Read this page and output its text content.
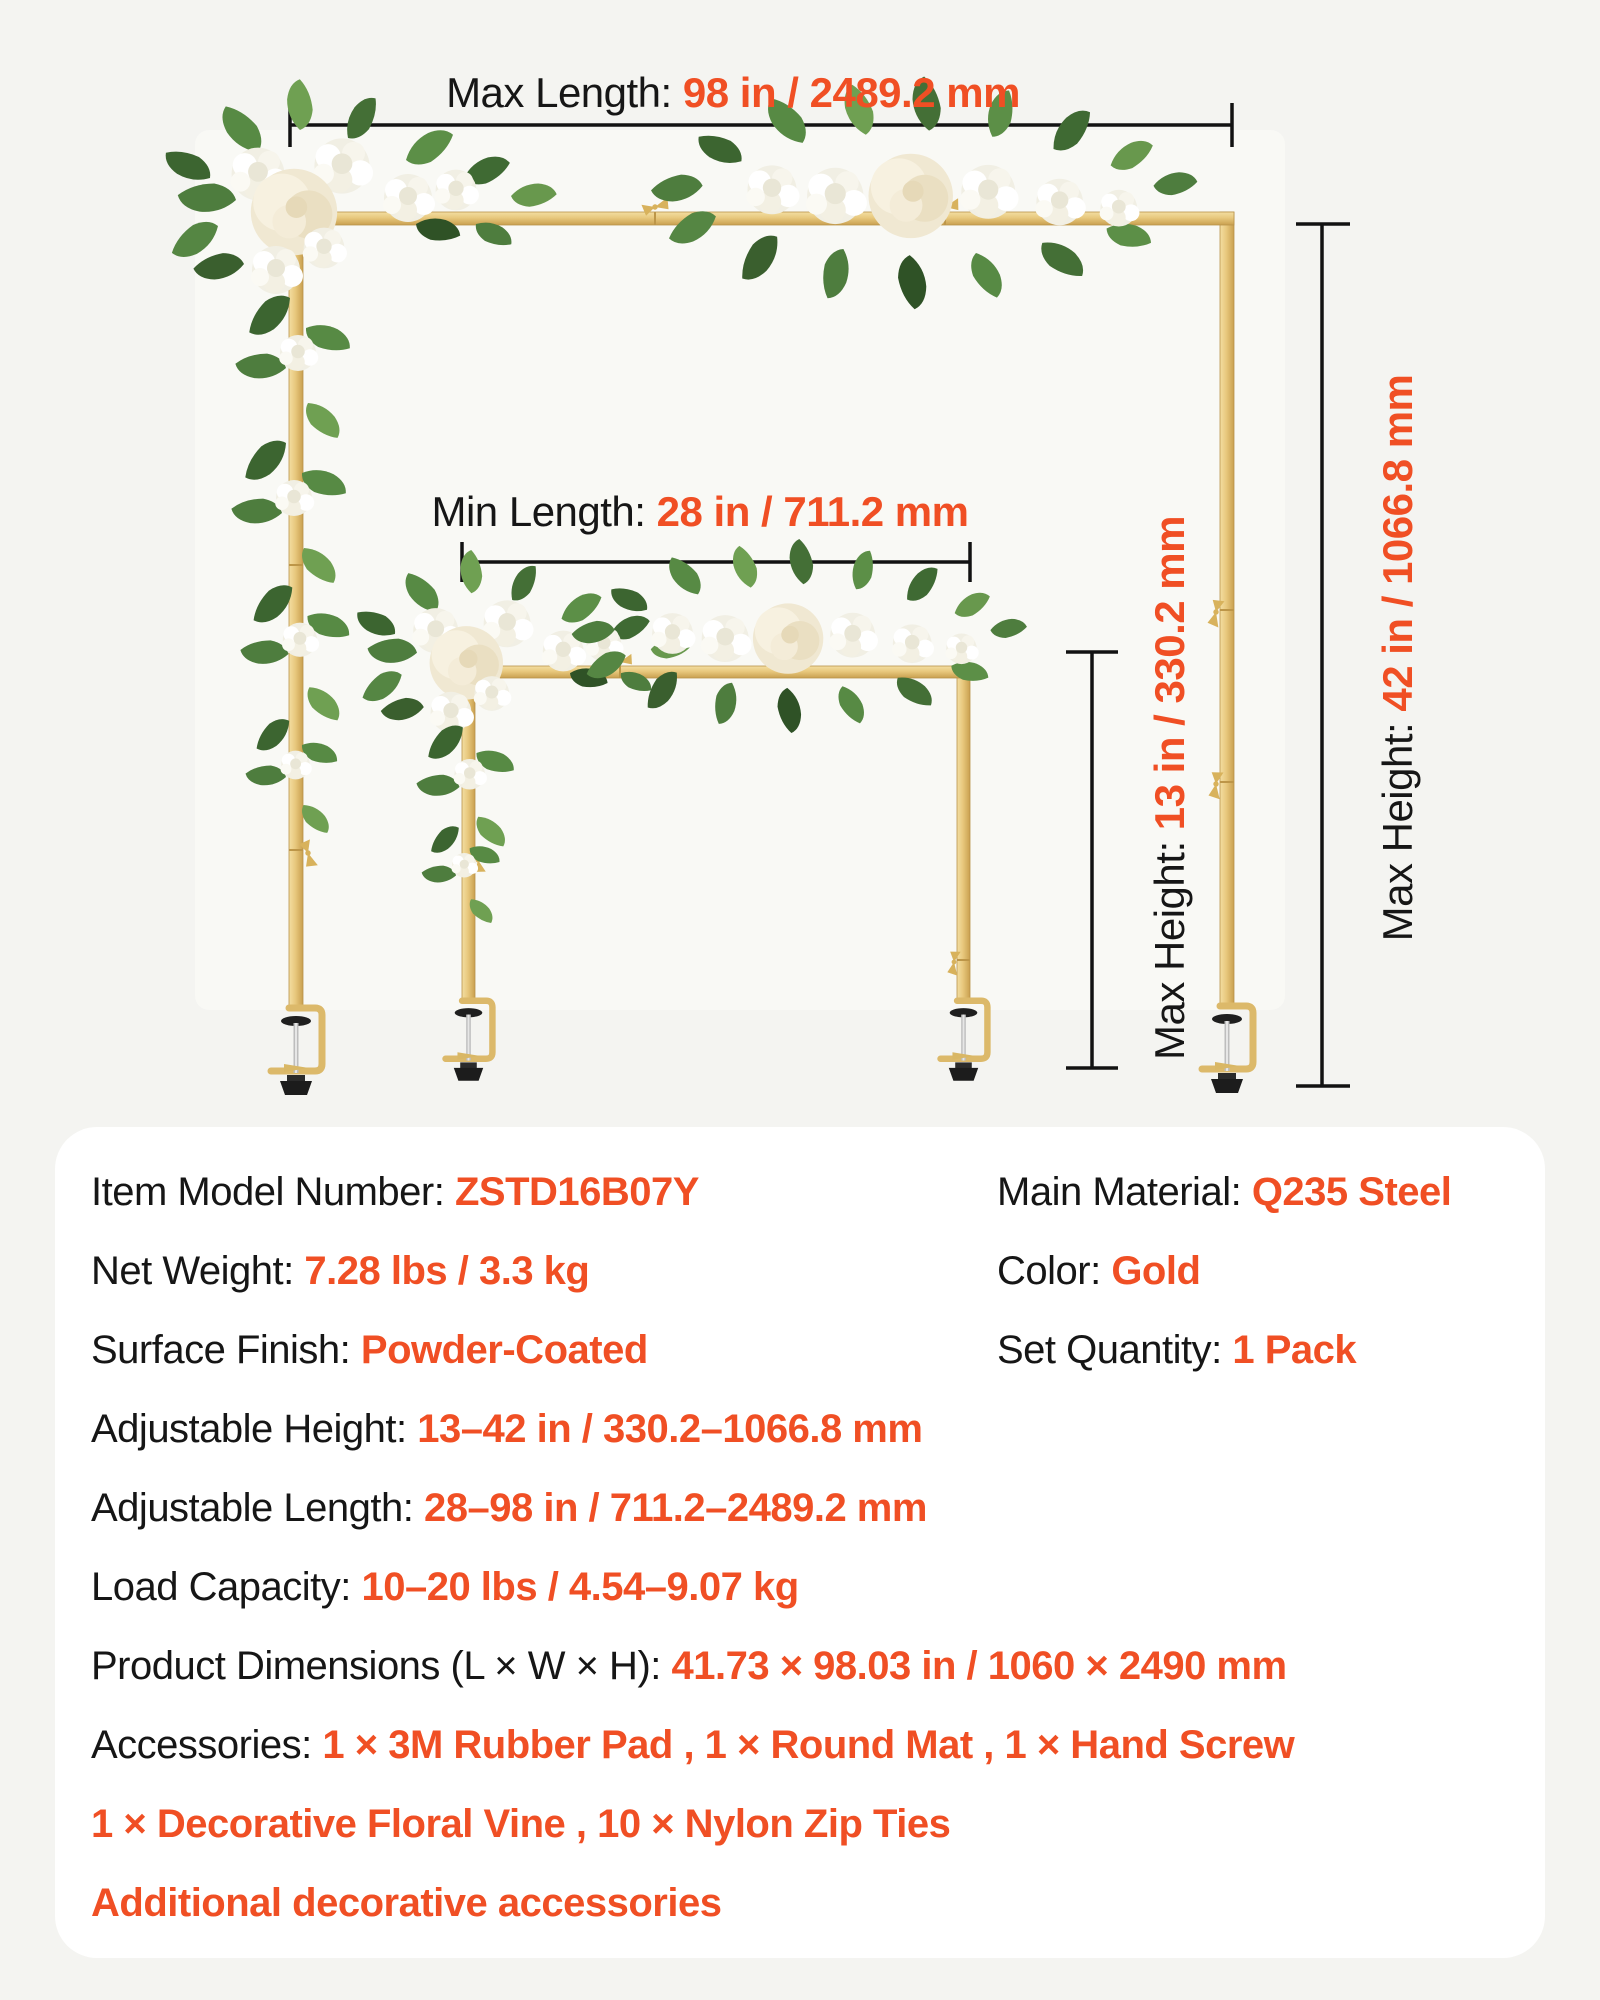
Max Length: 98 in / 2489.2 mm
Min Length: 28 in / 711.2 mm
Max Height: 13 in / 330.2 mm	Max Height: 42 in / 1066.8 mm
Item Model Number: ZSTD16B07Y	Main Material: Q235 Steel
Net Weight: 7.28 lbs / 3.3 kg	Color: Gold
Surface Finish: Powder-Coated	Set Quantity: 1 Pack
Adjustable Height: 13–42 in / 330.2–1066.8 mm
Adjustable Length: 28–98 in / 711.2–2489.2 mm
Load Capacity: 10–20 lbs / 4.54–9.07 kg
Product Dimensions (L × W × H): 41.73 × 98.03 in / 1060 × 2490 mm
Accessories: 1 × 3M Rubber Pad , 1 × Round Mat , 1 × Hand Screw
1 × Decorative Floral Vine , 10 × Nylon Zip Ties
Additional decorative accessories
